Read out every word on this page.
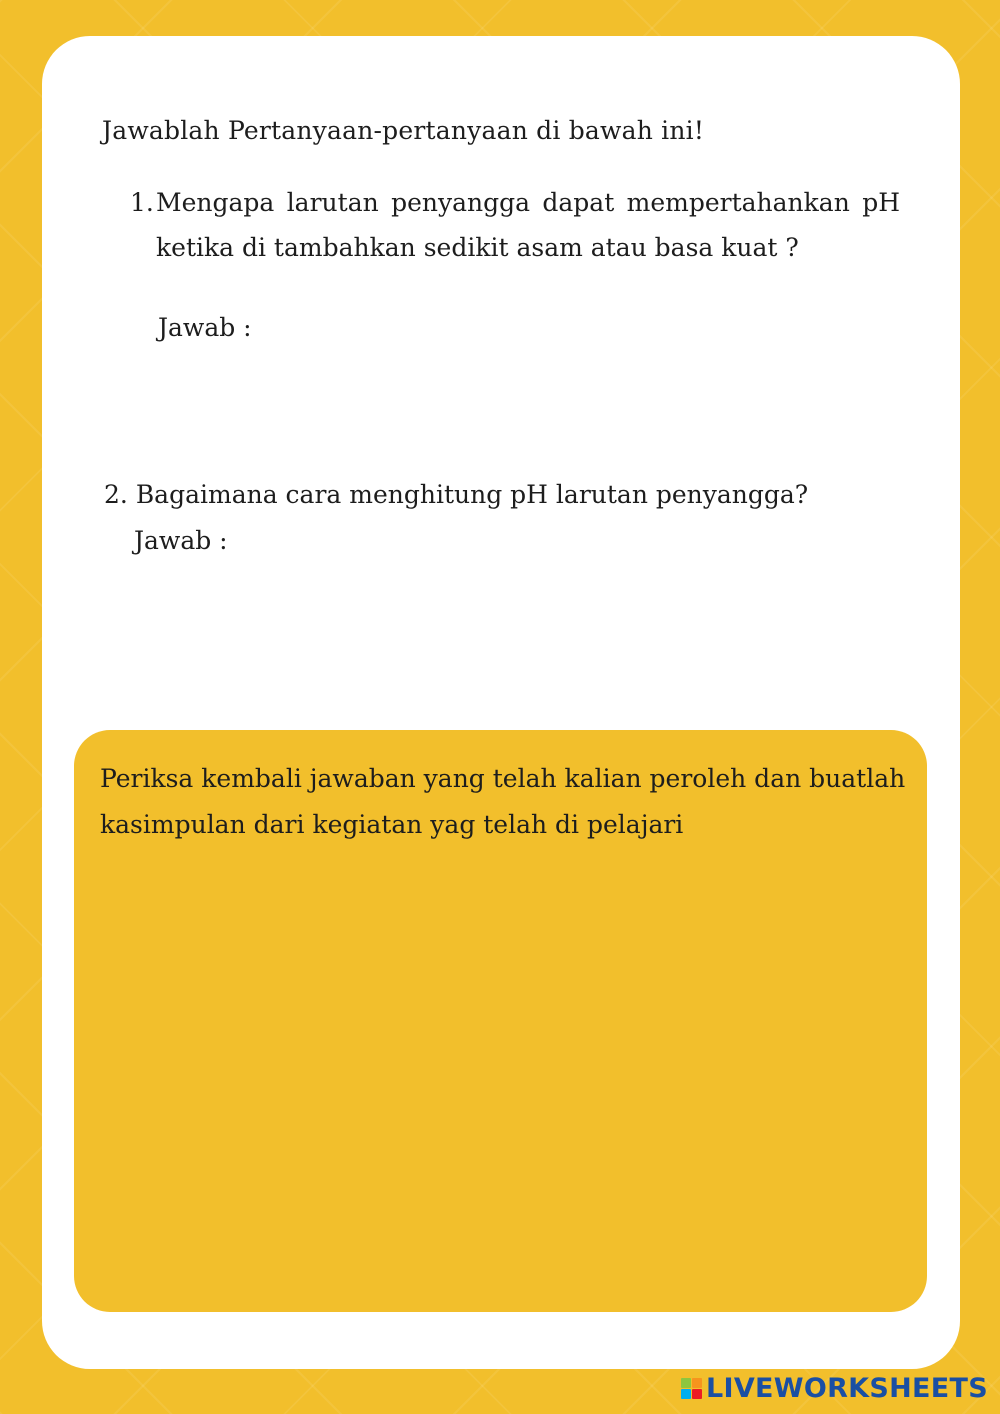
Jawablah Pertanyaan-pertanyaan di bawah ini!
1. Mengapa larutan penyangga dapat mempertahankan pH ketika di tambahkan sedikit asam atau basa kuat ?
Jawab :
2. Bagaimana cara menghitung pH larutan penyangga?
Jawab :
Periksa kembali jawaban yang telah kalian peroleh dan buatlah kasimpulan dari kegiatan yag telah di pelajari
LIVEWORKSHEETS
